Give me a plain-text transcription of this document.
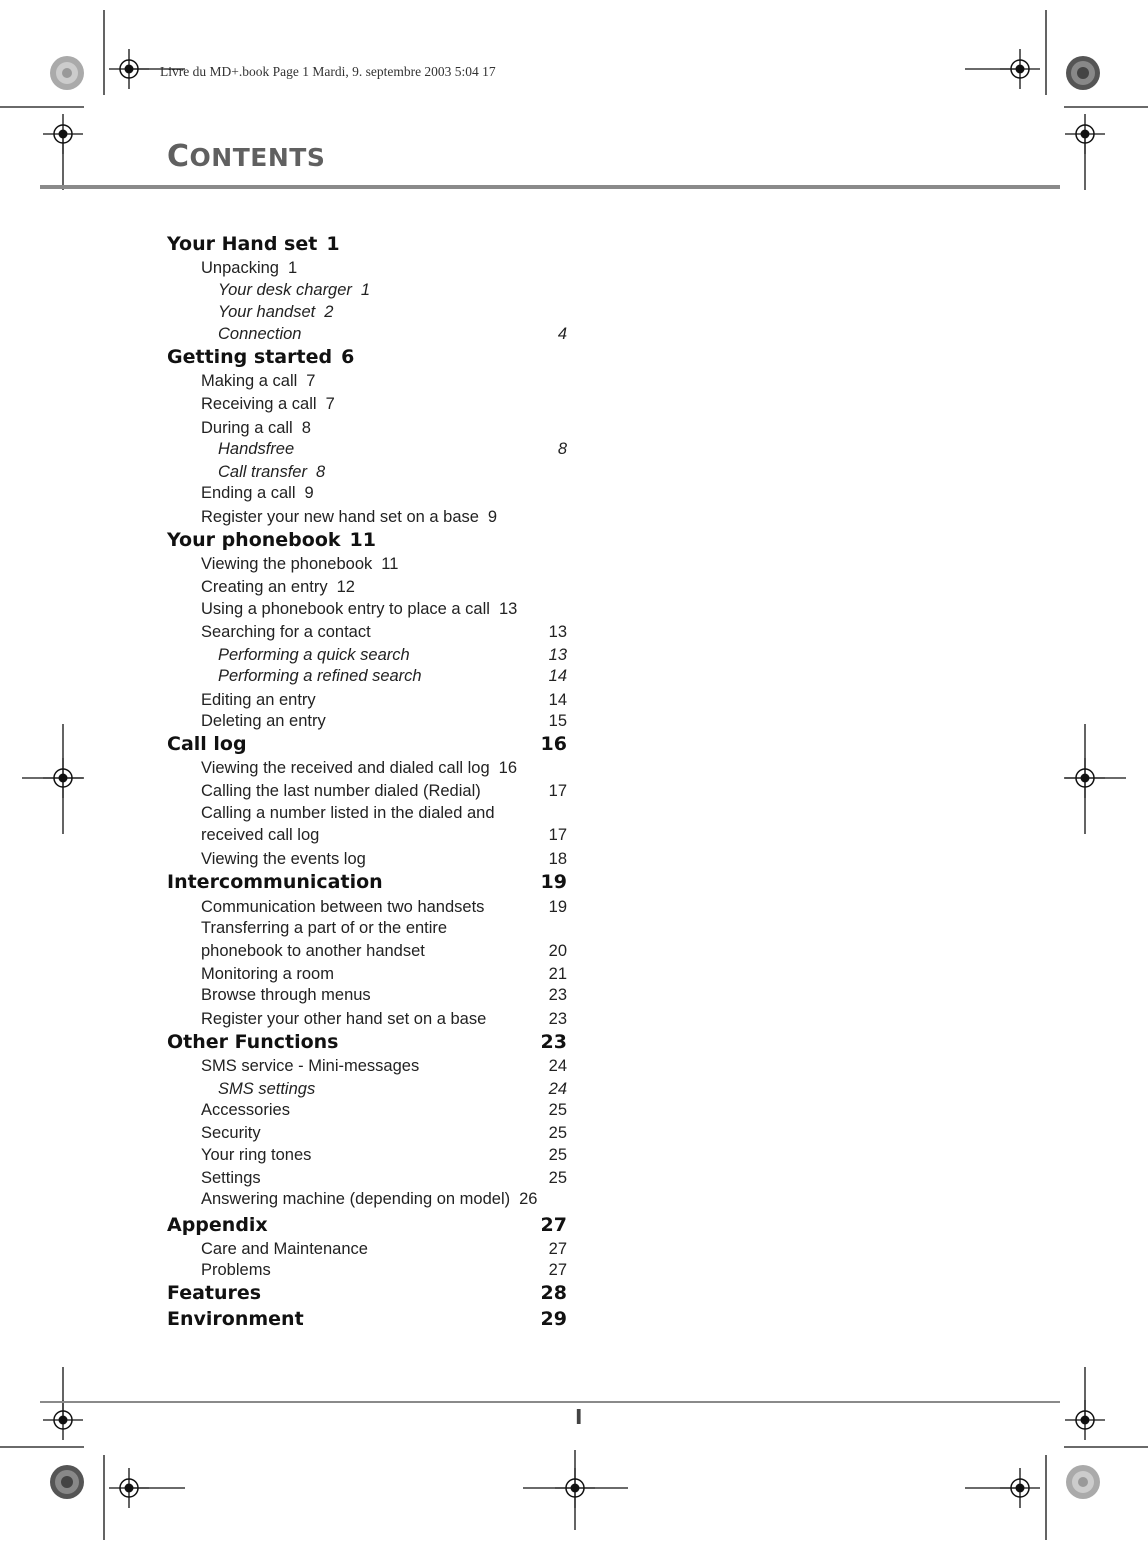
Livre du MD+.book Page 1 Mardi, 9. septembre 2003 5:04 17
CONTENTS
Your Hand set 1
Unpacking 1
Your desk charger 1
Your handset 2
Connection	4
Getting started 6
Making a call 7
Receiving a call 7
During a call 8
Handsfree	8
Call transfer 8
Ending a call 9
Register your new hand set on a base 9
Your phonebook 11
Viewing the phonebook 11
Creating an entry 12
Using a phonebook entry to place a call 13
Searching for a contact	13
Performing a quick search	13
Performing a refined search	14
Editing an entry	14
Deleting an entry	15
Call log	16
Viewing the received and dialed call log 16
Calling the last number dialed (Redial)	17
Calling a number listed in the dialed and
received call log	17
Viewing the events log	18
Intercommunication	19
Communication between two handsets	19
Transferring a part of or the entire
phonebook to another handset	20
Monitoring a room	21
Browse through menus	23
Register your other hand set on a base	23
Other Functions	23
SMS service - Mini-messages	24
SMS settings	24
Accessories	25
Security	25
Your ring tones	25
Settings	25
Answering machine (depending on model) 26
Appendix	27
Care and Maintenance	27
Problems	27
Features	28
Environment	29
I
